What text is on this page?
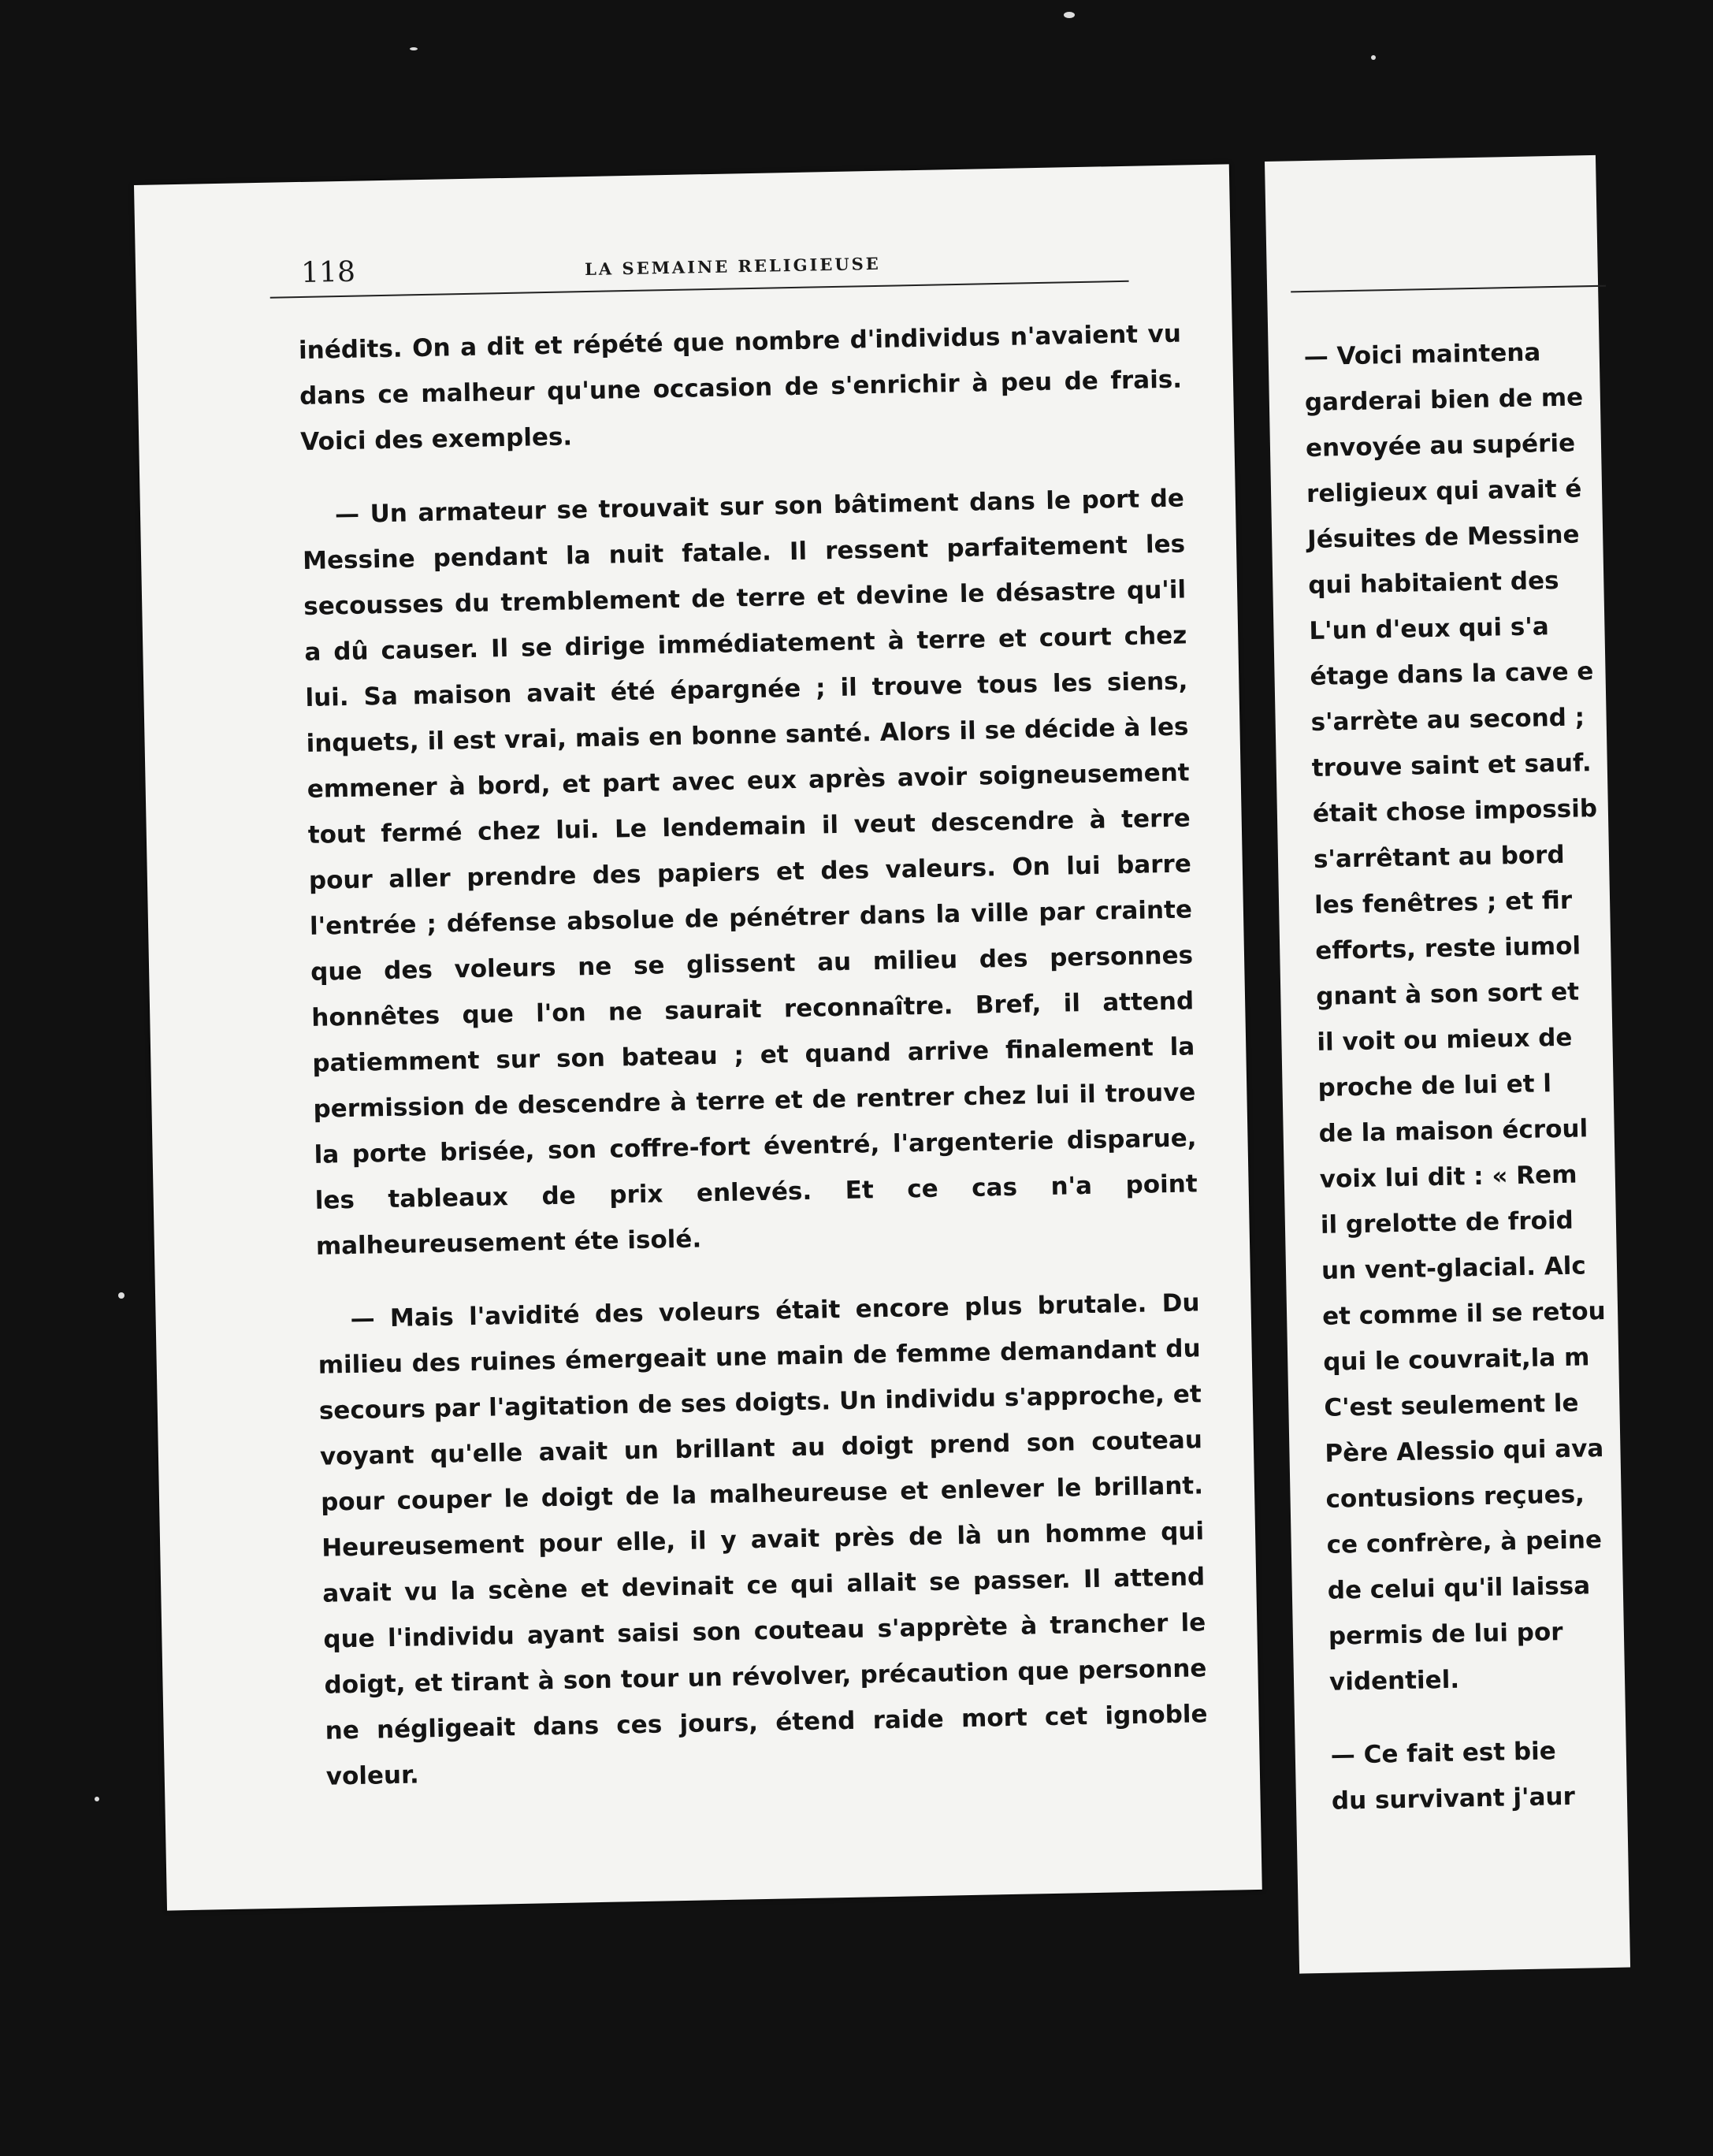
118	LA SEMAINE RELIGIEUSE

inédits. On a dit et répété que nombre d'individus n'avaient vu dans ce malheur qu'une occasion de s'enrichir à peu de frais. Voici des exemples.

— Un armateur se trouvait sur son bâtiment dans le port de Messine pendant la nuit fatale. Il ressent parfaitement les secousses du tremblement de terre et devine le désastre qu'il a dû causer. Il se dirige immédiatement à terre et court chez lui. Sa maison avait été épargnée ; il trouve tous les siens, inquets, il est vrai, mais en bonne santé. Alors il se décide à les emmener à bord, et part avec eux après avoir soigneusement tout fermé chez lui. Le lendemain il veut descendre à terre pour aller prendre des papiers et des valeurs. On lui barre l'entrée ; défense absolue de pénétrer dans la ville par crainte que des voleurs ne se glissent au milieu des personnes honnêtes que l'on ne saurait reconnaître. Bref, il attend patiemment sur son bateau ; et quand arrive finalement la permission de descendre à terre et de rentrer chez lui il trouve la porte brisée, son coffre-fort éventré, l'argenterie disparue, les tableaux de prix enlevés. Et ce cas n'a point malheureusement éte isolé.

— Mais l'avidité des voleurs était encore plus brutale. Du milieu des ruines émergeait une main de femme demandant du secours par l'agitation de ses doigts. Un individu s'approche, et voyant qu'elle avait un brillant au doigt prend son couteau pour couper le doigt de la malheureuse et enlever le brillant. Heureusement pour elle, il y avait près de là un homme qui avait vu la scène et devinait ce qui allait se passer. Il attend que l'individu ayant saisi son couteau s'apprète à trancher le doigt, et tirant à son tour un révolver, précaution que personne ne négligeait dans ces jours, étend raide mort cet ignoble voleur.

— Voici maintena

garderai bien de me

envoyée au supérie

religieux qui avait é

Jésuites de Messine

qui habitaient des

L'un d'eux qui s'a

étage dans la cave e

s'arrète au second ;

trouve saint et sauf.

était chose impossib

s'arrêtant au bord

les fenêtres ; et fir

efforts, reste iumol

gnant à son sort et

il voit ou mieux de

proche de lui et l

de la maison écroul

voix lui dit : « Rem

il grelotte de froid

un vent-glacial. Alc

et comme il se retou

qui le couvrait,la m

C'est seulement le

Père Alessio qui ava

contusions reçues,

ce confrère, à peine

de celui qu'il laissa

permis de lui por

videntiel.

— Ce fait est bie

du survivant j'aur
